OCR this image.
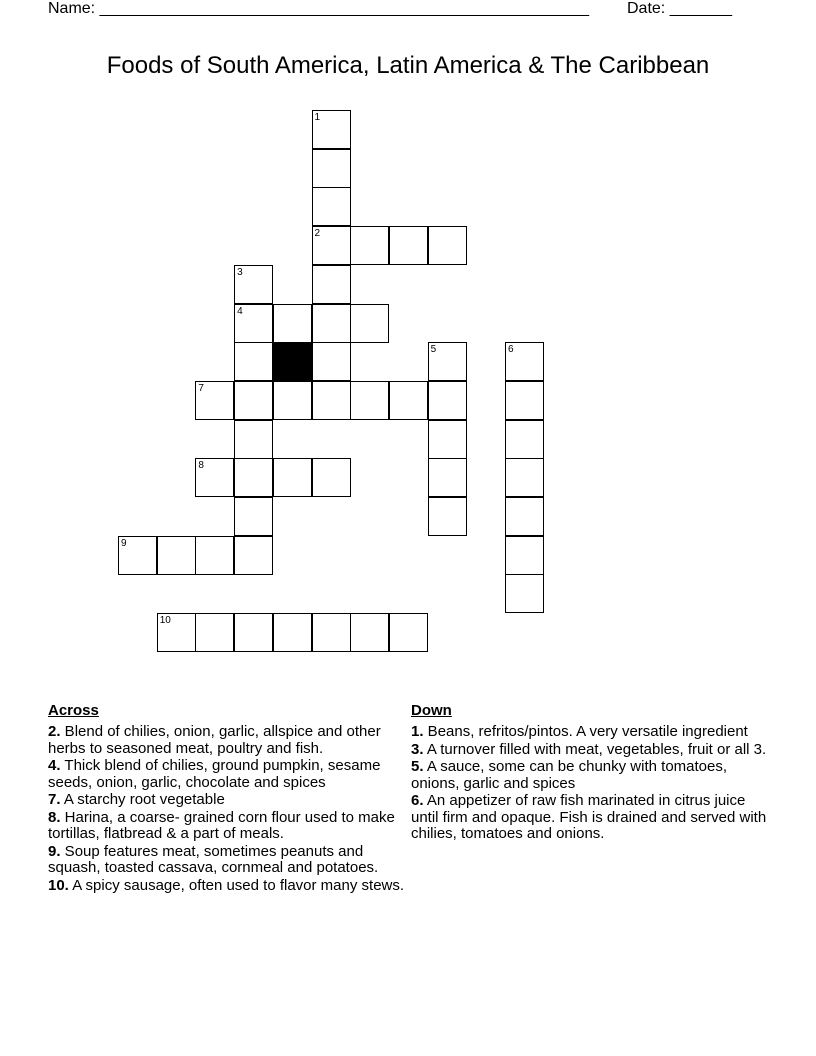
Name: _______________________________________________________ Date: _______
Foods of South America, Latin America & The Caribbean
1
2
3
4
5	6
7
8
9
10
Across
2. Blend of chilies, onion, garlic, allspice and other herbs to seasoned meat, poultry and fish.
4. Thick blend of chilies, ground pumpkin, sesame seeds, onion, garlic, chocolate and spices
7. A starchy root vegetable
8. Harina, a coarse- grained corn flour used to make tortillas, flatbread & a part of meals.
9. Soup features meat, sometimes peanuts and squash, toasted cassava, cornmeal and potatoes.
10. A spicy sausage, often used to flavor many stews.
Down
1. Beans, refritos/pintos. A very versatile ingredient
3. A turnover filled with meat, vegetables, fruit or all 3.
5. A sauce, some can be chunky with tomatoes, onions, garlic and spices
6. An appetizer of raw fish marinated in citrus juice until firm and opaque. Fish is drained and served with chilies, tomatoes and onions.
